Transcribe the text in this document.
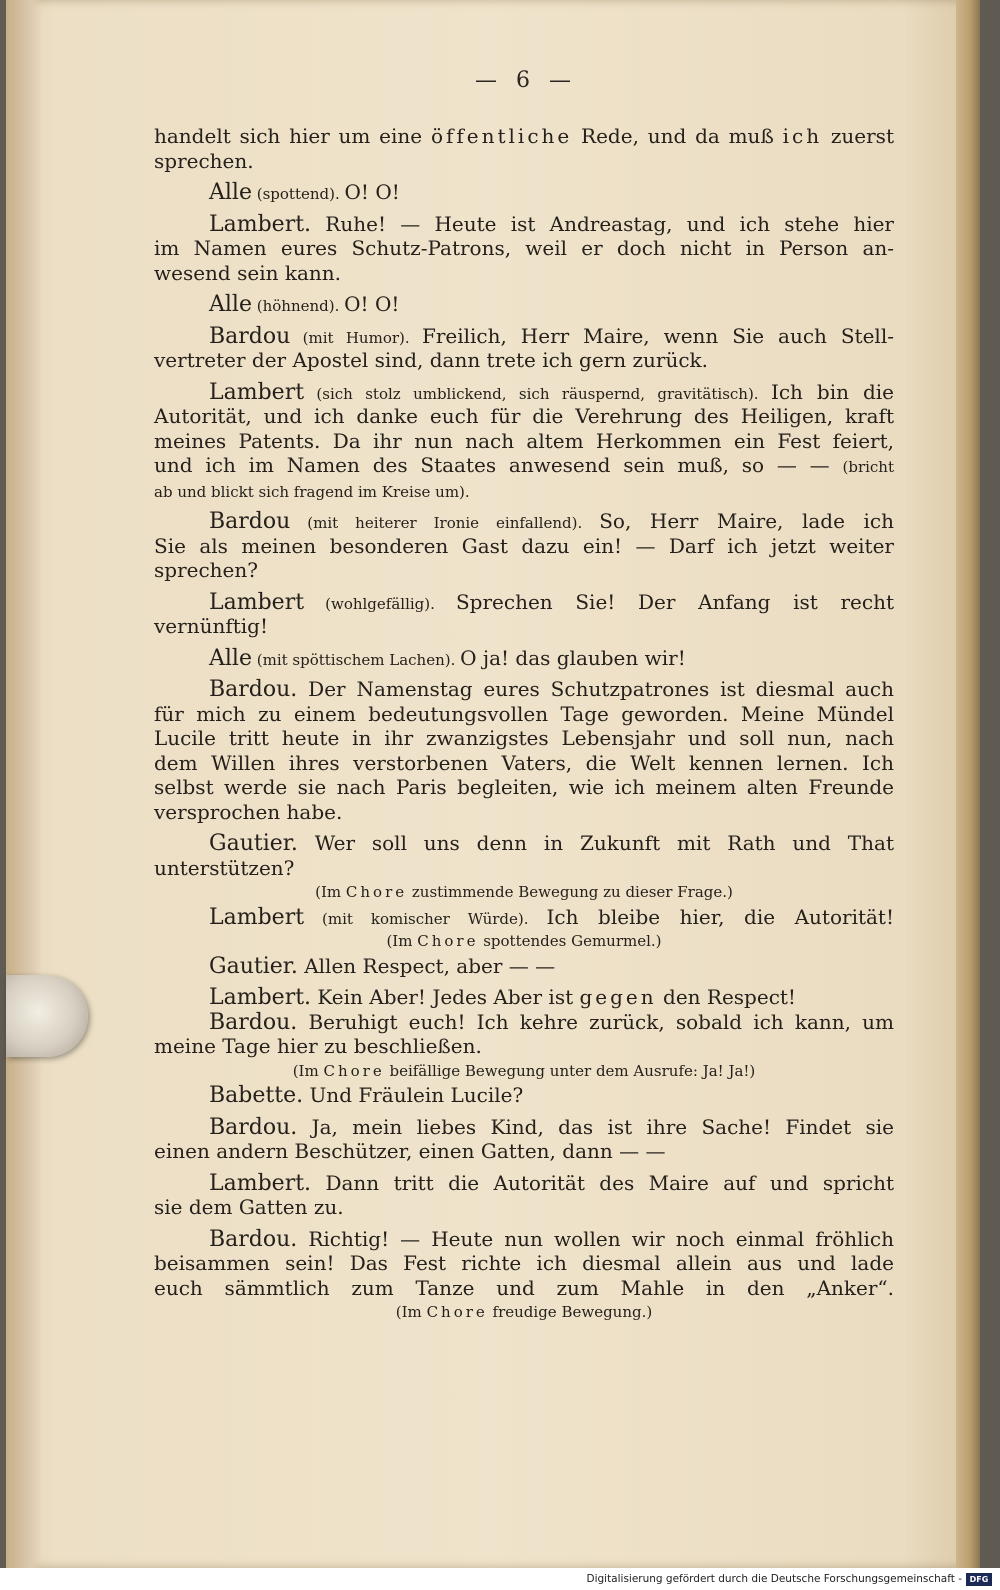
— 6 —
handelt sich hier um eine öffentliche Rede, und da muß ich zuerst
sprechen.
Alle (spottend). O! O!
Lambert. Ruhe! — Heute ist Andreastag, und ich stehe hier
im Namen eures Schutz-Patrons, weil er doch nicht in Person an-
wesend sein kann.
Alle (höhnend). O! O!
Bardou (mit Humor). Freilich, Herr Maire, wenn Sie auch Stell-
vertreter der Apostel sind, dann trete ich gern zurück.
Lambert (sich stolz umblickend, sich räuspernd, gravitätisch). Ich bin die
Autorität, und ich danke euch für die Verehrung des Heiligen, kraft
meines Patents. Da ihr nun nach altem Herkommen ein Fest feiert,
und ich im Namen des Staates anwesend sein muß, so — — (bricht
ab und blickt sich fragend im Kreise um).
Bardou (mit heiterer Ironie einfallend). So, Herr Maire, lade ich
Sie als meinen besonderen Gast dazu ein! — Darf ich jetzt weiter
sprechen?
Lambert (wohlgefällig). Sprechen Sie! Der Anfang ist recht
vernünftig!
Alle (mit spöttischem Lachen). O ja! das glauben wir!
Bardou. Der Namenstag eures Schutzpatrones ist diesmal auch
für mich zu einem bedeutungsvollen Tage geworden. Meine Mündel
Lucile tritt heute in ihr zwanzigstes Lebensjahr und soll nun, nach
dem Willen ihres verstorbenen Vaters, die Welt kennen lernen. Ich
selbst werde sie nach Paris begleiten, wie ich meinem alten Freunde
versprochen habe.
Gautier. Wer soll uns denn in Zukunft mit Rath und That
unterstützen?
(Im Chore zustimmende Bewegung zu dieser Frage.)
Lambert (mit komischer Würde). Ich bleibe hier, die Autorität!
(Im Chore spottendes Gemurmel.)
Gautier. Allen Respect, aber — —
Lambert. Kein Aber! Jedes Aber ist gegen den Respect!
Bardou. Beruhigt euch! Ich kehre zurück, sobald ich kann, um
meine Tage hier zu beschließen.
(Im Chore beifällige Bewegung unter dem Ausrufe: Ja! Ja!)
Babette. Und Fräulein Lucile?
Bardou. Ja, mein liebes Kind, das ist ihre Sache! Findet sie
einen andern Beschützer, einen Gatten, dann — —
Lambert. Dann tritt die Autorität des Maire auf und spricht
sie dem Gatten zu.
Bardou. Richtig! — Heute nun wollen wir noch einmal fröhlich
beisammen sein! Das Fest richte ich diesmal allein aus und lade
euch sämmtlich zum Tanze und zum Mahle in den „Anker“.
(Im Chore freudige Bewegung.)
Digitalisierung gefördert durch die Deutsche Forschungsgemeinschaft - DFG
